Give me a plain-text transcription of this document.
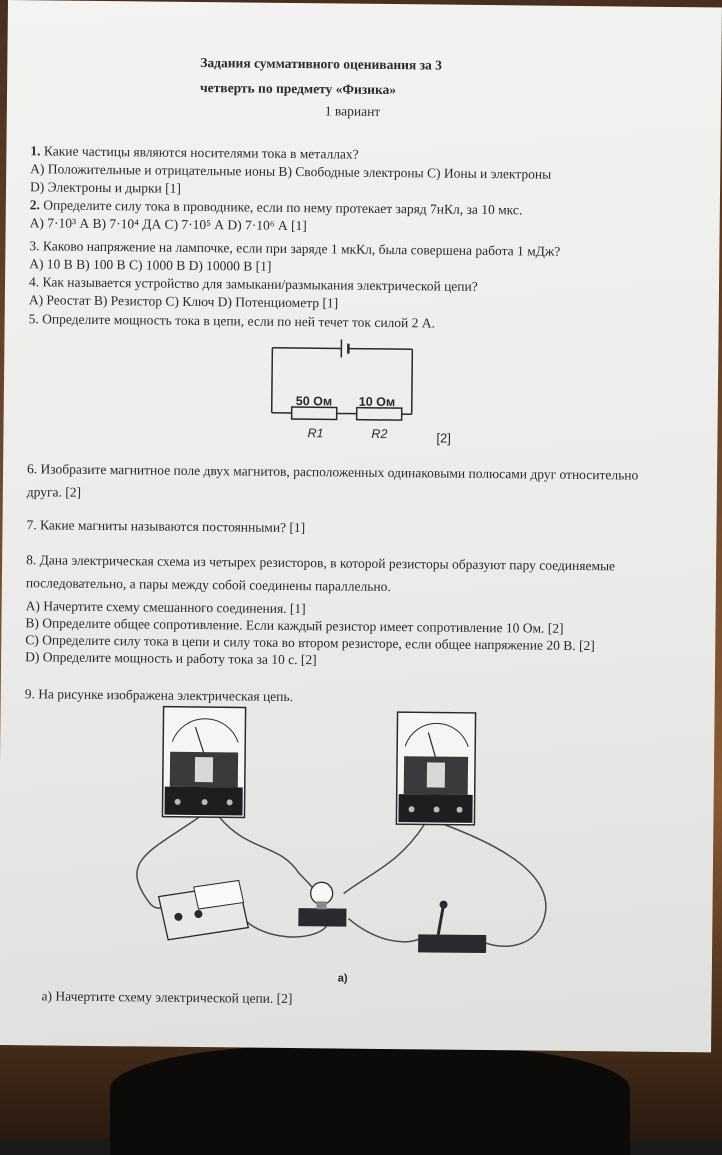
Задания суммативного оценивания за 3
четверть по предмету «Физика»
1 вариант
1. Какие частицы являются носителями тока в металлах?
А) Положительные и отрицательные ионы В) Свободные электроны С) Ионы и электроны
D) Электроны и дырки [1]
2. Определите силу тока в проводнике, если по нему протекает заряд 7нКл, за 10 мкс.
А) 7·10³ А В) 7·10⁴ ДА С) 7·10⁵ А D) 7·10⁶ А [1]
3. Каково напряжение на лампочке, если при заряде 1 мкКл, была совершена работа 1 мДж?
А) 10 В В) 100 В С) 1000 В D) 10000 В [1]
4. Как называется устройство для замыкани/размыкания электрической цепи?
А) Реостат В) Резистор С) Ключ D) Потенциометр [1]
5. Определите мощность тока в цепи, если по ней течет ток силой 2 А.
50 Ом 10 Ом
R1	R2	[2]
6. Изобразите магнитное поле двух магнитов, расположенных одинаковыми полюсами друг относительно
друга. [2]
7. Какие магниты называются постоянными? [1]
8. Дана электрическая схема из четырех резисторов, в которой резисторы образуют пару соединяемые
последовательно, а пары между собой соединены параллельно.
А) Начертите схему смешанного соединения. [1]
В) Определите общее сопротивление. Если каждый резистор имеет сопротивление 10 Ом. [2]
С) Определите силу тока в цепи и силу тока во втором резисторе, если общее напряжение 20 В. [2]
D) Определите мощность и работу тока за 10 с. [2]
9. На рисунке изображена электрическая цепь.
а)
а) Начертите схему электрической цепи. [2]
